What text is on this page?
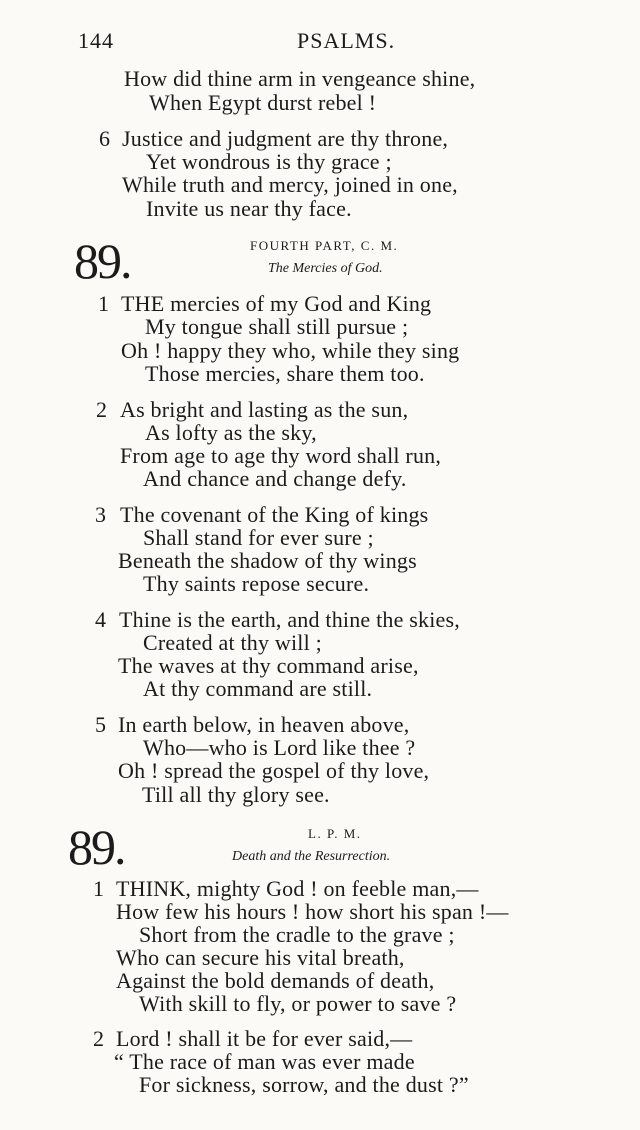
144	PSALMS.
How did thine arm in vengeance shine,
When Egypt durst rebel !
6 Justice and judgment are thy throne,
Yet wondrous is thy grace ;
While truth and mercy, joined in one,
Invite us near thy face.
89.	FOURTH PART, C. M.
The Mercies of God.
1 THE mercies of my God and King
My tongue shall still pursue ;
Oh ! happy they who, while they sing
Those mercies, share them too.
2 As bright and lasting as the sun,
As lofty as the sky,
From age to age thy word shall run,
And chance and change defy.
3 The covenant of the King of kings
Shall stand for ever sure ;
Beneath the shadow of thy wings
Thy saints repose secure.
4 Thine is the earth, and thine the skies,
Created at thy will ;
The waves at thy command arise,
At thy command are still.
5 In earth below, in heaven above,
Who—who is Lord like thee ?
Oh ! spread the gospel of thy love,
Till all thy glory see.
89.	L. P. M.
Death and the Resurrection.
1 THINK, mighty God ! on feeble man,—
How few his hours ! how short his span !—
Short from the cradle to the grave ;
Who can secure his vital breath,
Against the bold demands of death,
With skill to fly, or power to save ?
2 Lord ! shall it be for ever said,—
“ The race of man was ever made
For sickness, sorrow, and the dust ?”
